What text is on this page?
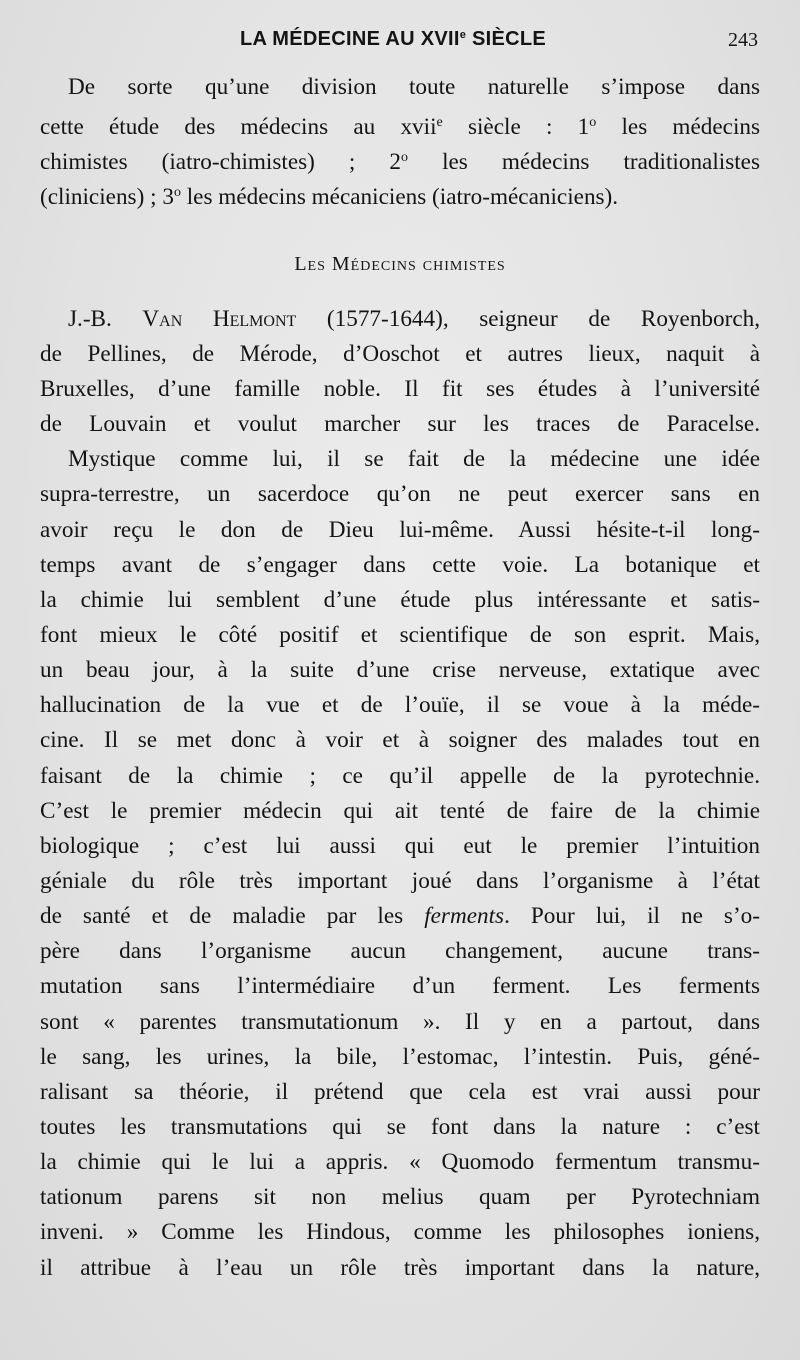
LA MÉDECINE AU XVIIe SIÈCLE	243
De sorte qu’une division toute naturelle s’impose dans
cette étude des médecins au xvii$^e$ siècle : 1$^o$ les médecins
chimistes (iatro-chimistes) ; 2$^o$ les médecins traditionalistes
(cliniciens) ; 3$^o$ les médecins mécaniciens (iatro-mécaniciens).
Les Médecins chimistes
J.-B. Van Helmont (1577-1644), seigneur de Royenborch,
de Pellines, de Mérode, d’Ooschot et autres lieux, naquit à
Bruxelles, d’une famille noble. Il fit ses études à l’université
de Louvain et voulut marcher sur les traces de Paracelse.
Mystique comme lui, il se fait de la médecine une idée
supra-terrestre, un sacerdoce qu’on ne peut exercer sans en
avoir reçu le don de Dieu lui-même. Aussi hésite-t-il long-
temps avant de s’engager dans cette voie. La botanique et
la chimie lui semblent d’une étude plus intéressante et satis-
font mieux le côté positif et scientifique de son esprit. Mais,
un beau jour, à la suite d’une crise nerveuse, extatique avec
hallucination de la vue et de l’ouïe, il se voue à la méde-
cine. Il se met donc à voir et à soigner des malades tout en
faisant de la chimie ; ce qu’il appelle de la pyrotechnie.
C’est le premier médecin qui ait tenté de faire de la chimie
biologique ; c’est lui aussi qui eut le premier l’intuition
géniale du rôle très important joué dans l’organisme à l’état
de santé et de maladie par les ferments. Pour lui, il ne s’o-
père dans l’organisme aucun changement, aucune trans-
mutation sans l’intermédiaire d’un ferment. Les ferments
sont « parentes transmutationum ». Il y en a partout, dans
le sang, les urines, la bile, l’estomac, l’intestin. Puis, géné-
ralisant sa théorie, il prétend que cela est vrai aussi pour
toutes les transmutations qui se font dans la nature : c’est
la chimie qui le lui a appris. « Quomodo fermentum transmu-
tationum parens sit non melius quam per Pyrotechniam
inveni. » Comme les Hindous, comme les philosophes ioniens,
il attribue à l’eau un rôle très important dans la nature,
